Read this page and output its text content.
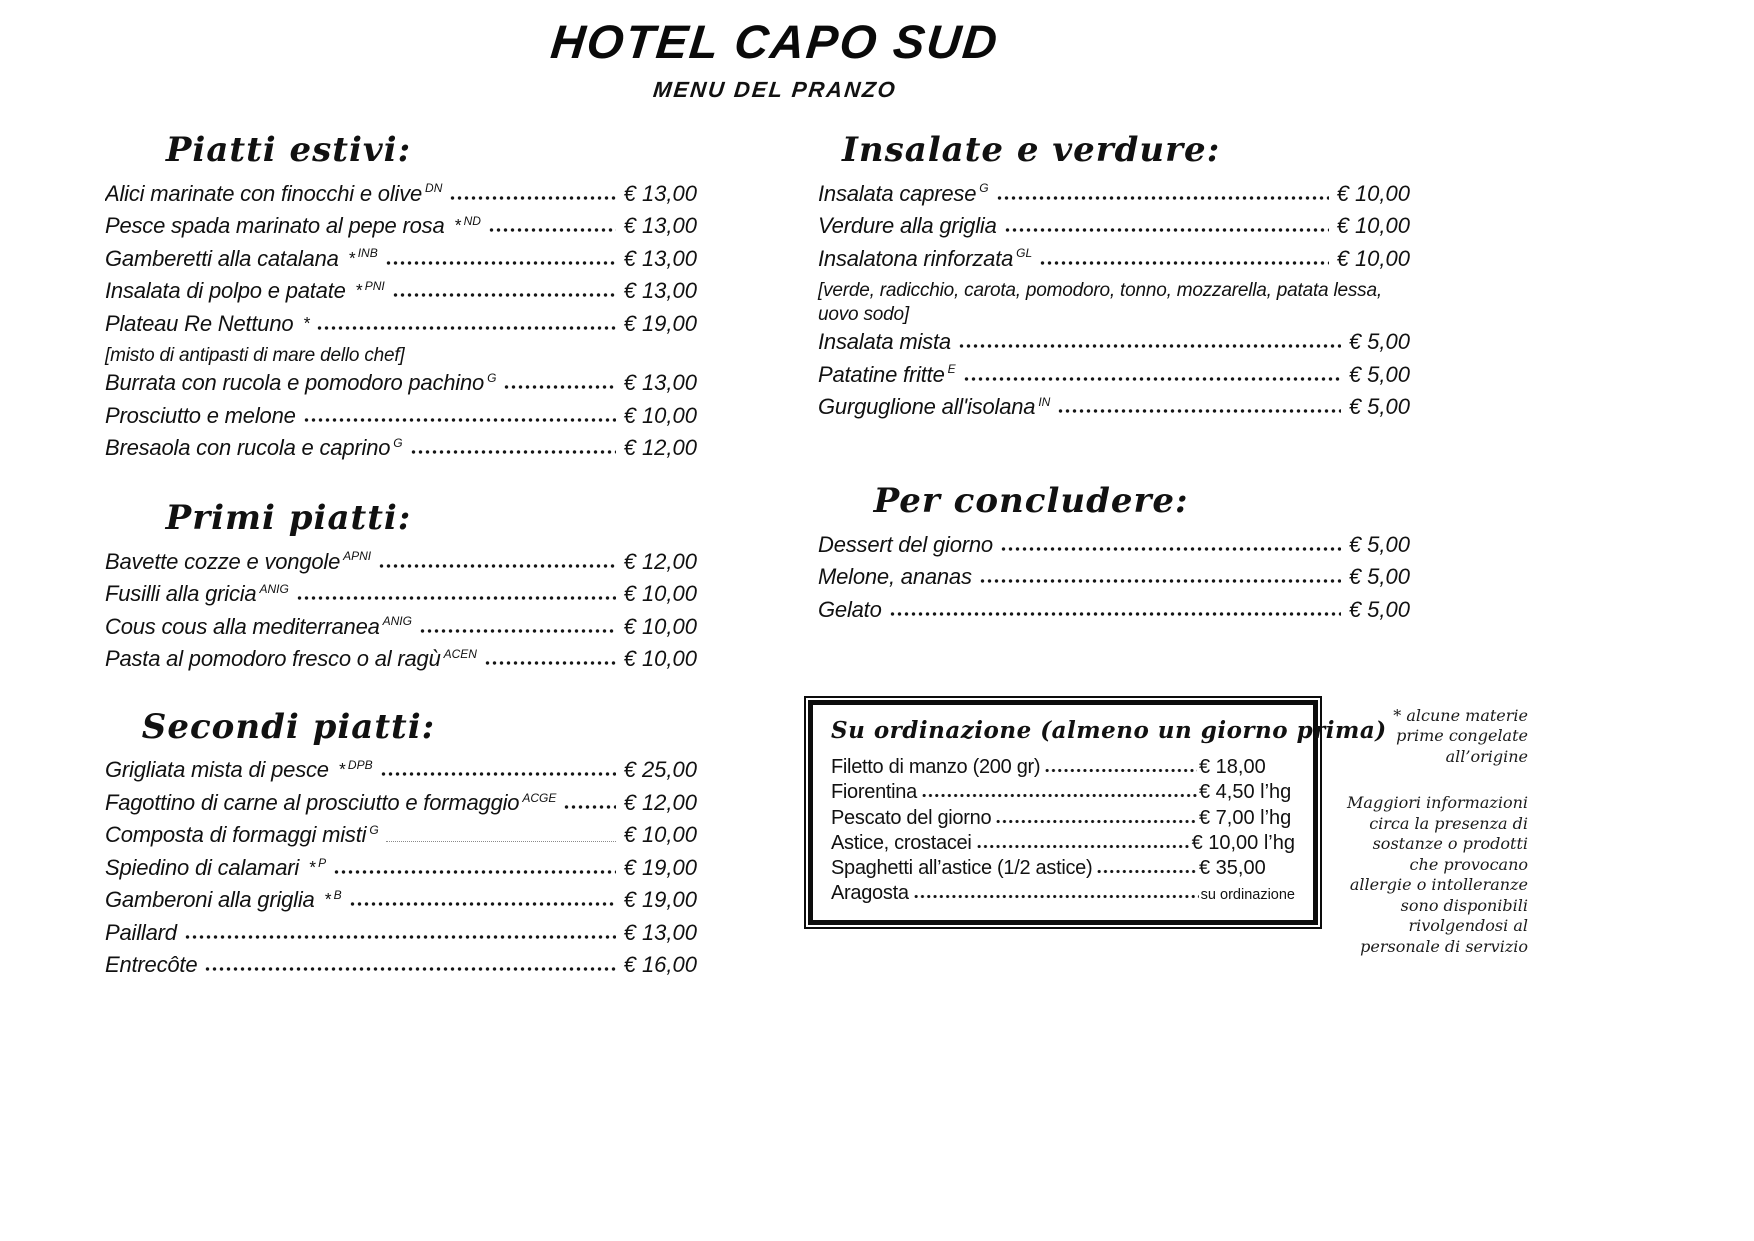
HOTEL CAPO SUD
MENU DEL PRANZO
Piatti estivi:
Alici marinate con finocchi e olive $^{DN}$	€ 13,00
Pesce spada marinato al pepe rosa * $^{ND}$	€ 13,00
Gamberetti alla catalana * $^{INB}$	€ 13,00
Insalata di polpo e patate * $^{PNI}$	€ 13,00
Plateau Re Nettuno *	€ 19,00
[misto di antipasti di mare dello chef]
Burrata con rucola e pomodoro pachino $^G$	€ 13,00
Prosciutto e melone	€ 10,00
Bresaola con rucola e caprino $^G$	€ 12,00
Primi piatti:
Bavette cozze e vongole $^{APNI}$	€ 12,00
Fusilli alla gricia $^{ANIG}$	€ 10,00
Cous cous alla mediterranea $^{ANIG}$	€ 10,00
Pasta al pomodoro fresco o al ragù $^{ACEN}$	€ 10,00
Secondi piatti:
Grigliata mista di pesce * $^{DPB}$	€ 25,00
Fagottino di carne al prosciutto e formaggio $^{ACGE}$	€ 12,00
Composta di formaggi misti $^G$	€ 10,00
Spiedino di calamari * $^P$	€ 19,00
Gamberoni alla griglia * $^B$	€ 19,00
Paillard	€ 13,00
Entrecôte	€ 16,00
Insalate e verdure:
Insalata caprese $^G$	€ 10,00
Verdure alla griglia	€ 10,00
Insalatona rinforzata $^{GL}$	€ 10,00
[verde, radicchio, carota, pomodoro, tonno, mozzarella, patata lessa, uovo sodo]
Insalata mista	€ 5,00
Patatine fritte $^E$	€ 5,00
Gurguglione all'isolana $^{IN}$	€ 5,00
Per concludere:
Dessert del giorno	€ 5,00
Melone, ananas	€ 5,00
Gelato	€ 5,00
Su ordinazione (almeno un giorno prima)
Filetto di manzo (200 gr)	€ 18,00
Fiorentina	€ 4,50 l’hg
Pescato del giorno	€ 7,00 l’hg
Astice, crostacei	€ 10,00 l’hg
Spaghetti all’astice (1/2 astice)	€ 35,00
Aragosta	su ordinazione

* alcune materie prime congelate all’origine

Maggiori informazioni circa la presenza di sostanze o prodotti che provocano allergie o intolleranze sono disponibili rivolgendosi al personale di servizio
